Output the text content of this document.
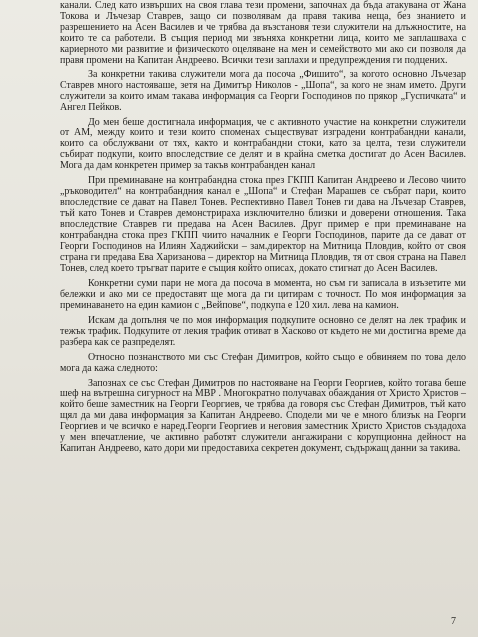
канали. След като извърших на своя глава тези промени, започнах да бъда атакувана от Жана Токова и Лъчезар Ставрев, защо си позволявам да правя такива неща, без знанието и разрешението на Асен Василев и че трябва да възстановя тези служители на длъжностите, на които те са работели. В същия период ми звъняха конкретни лица, които ме заплашваха с кариерното ми развитие и физическото оцеляване на мен и семейството ми ако си позволя да правя промени на Капитан Андреево. Всички тези заплахи и предупреждения ги подцених.

За конкретни такива служители мога да посоча „Фишито“, за когото основно Лъчезар Ставрев много настояваше, зетя на Димитър Николов - „Шопа“, за кого не знам името. Други служители за които имам такава информация са Георги Господинов по прякор „Гуспичката“ и Ангел Пейков.

До мен беше достигнала информация, че с активното участие на конкретни служители от АМ, между които и тези които споменах съществуват изградени контрабандни канали, които са обслужвани от тях, както и контрабандни стоки, като за целта, тези служители събират подкупи, които впоследствие се делят и в крайна сметка достигат до Асен Василев. Мога да дам конкретен пример за такъв контрабанден канал

При преминаване на контрабандна стока през ГКПП Капитан Андреево и Лесово чиито „ръководител“ на контрабандния канал е „Шопа“ и Стефан Марашев се събрат пари, които впоследствие се дават на Павел Тонев. Респективно Павел Тонев ги дава на Лъчезар Ставрев, тъй като Тонев и Ставрев демонстрираха изключително близки и доверени отношения. Така впоследствие Ставрев ги предава на Асен Василев. Друг пример е при преминаване на контрабандна стока през ГКПП чиито началник е Георги Господинов, парите да се дават от Георги Господинов на Илиян Хаджийски – зам.директор на Митница Пловдив, който от своя страна ги предава Ева Харизанова – директор на Митница Пловдив, тя от своя страна на Павел Тонев, след което тръгват парите е същия който описах, докато стигнат до Асен Василев.

Конкретни суми пари не мога да посоча в момента, но съм ги записала в изъзетите ми бележки и ако ми се предоставят ще мога да ги цитирам с точност. По моя информация за преминаването на един камион с „Вейпове“, подкупа е 120 хил. лева на камион.

Искам да допълня че по моя информация подкупите основно се делят на лек трафик и тежък трафик. Подкупите от лекия трафик отиват в Хасково от където не ми достигна време да разбера как се разпределят.

Относно познанството ми със Стефан Димитров, който също е обвиняем по това дело мога да кажа следното:

Запознах се със Стефан Димитров по настояване на Георги Георгиев, който тогава беше шеф на вътрешна сигурност на МВР . Многократно получавах обаждания от Христо Христов – който беше заместник на Георги Георгиев, че трябва да говоря със Стефан Димитров, тъй като щял да ми дава информация за Капитан Андреево. Сподели ми че е много близък на Георги Георгиев и че всичко е наред.Георги Георгиев и неговия заместник Христо Христов създадоха у мен впечатление, че активно работят служители ангажирани с корупционна дейност на Капитан Андреево, като дори ми предоставиха секретен документ, съдържащ данни за такива.

7
